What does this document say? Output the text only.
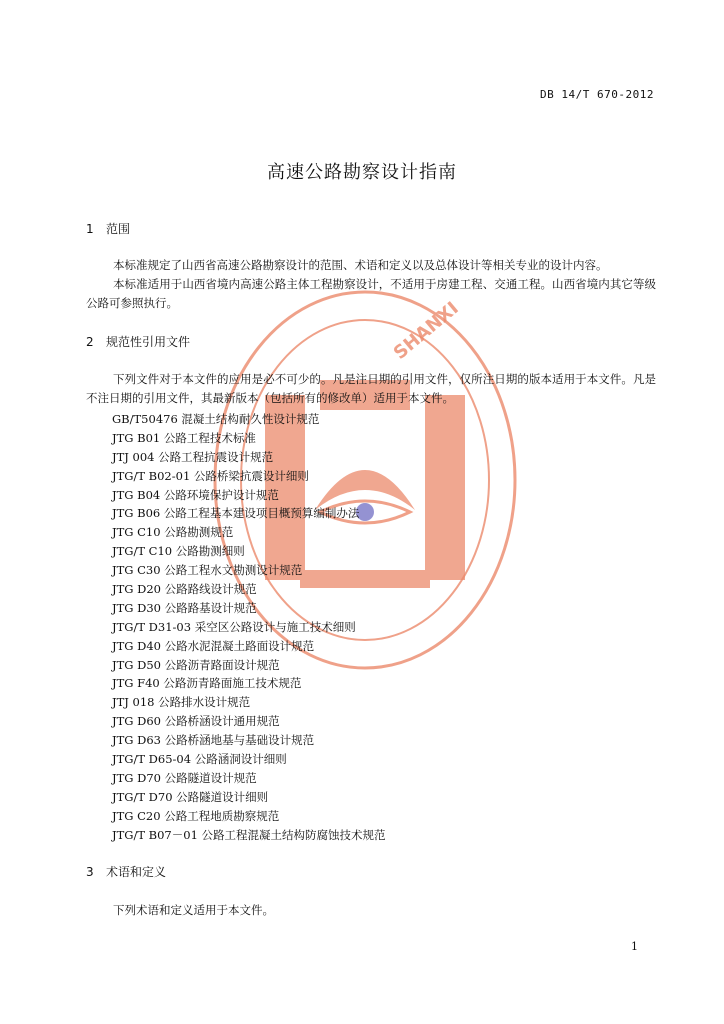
DB 14/T 670-2012
SHANXI
高速公路勘察设计指南
1 范围
本标准规定了山西省高速公路勘察设计的范围、术语和定义以及总体设计等相关专业的设计内容。
本标准适用于山西省境内高速公路主体工程勘察设计，不适用于房建工程、交通工程。山西省境内其它等级公路可参照执行。
2 规范性引用文件
下列文件对于本文件的应用是必不可少的。凡是注日期的引用文件，仅所注日期的版本适用于本文件。凡是不注日期的引用文件，其最新版本（包括所有的修改单）适用于本文件。
GB/T50476 混凝土结构耐久性设计规范
JTG B01 公路工程技术标准
JTJ 004 公路工程抗震设计规范
JTG/T B02-01 公路桥梁抗震设计细则
JTG B04 公路环境保护设计规范
JTG B06 公路工程基本建设项目概预算编制办法
JTG C10 公路勘测规范
JTG/T C10 公路勘测细则
JTG C30 公路工程水文勘测设计规范
JTG D20 公路路线设计规范
JTG D30 公路路基设计规范
JTG/T D31-03 采空区公路设计与施工技术细则
JTG D40 公路水泥混凝土路面设计规范
JTG D50 公路沥青路面设计规范
JTG F40 公路沥青路面施工技术规范
JTJ 018 公路排水设计规范
JTG D60 公路桥涵设计通用规范
JTG D63 公路桥涵地基与基础设计规范
JTG/T D65-04 公路涵洞设计细则
JTG D70 公路隧道设计规范
JTG/T D70 公路隧道设计细则
JTG C20 公路工程地质勘察规范
JTG/T B07－01 公路工程混凝土结构防腐蚀技术规范
3 术语和定义
下列术语和定义适用于本文件。
1
